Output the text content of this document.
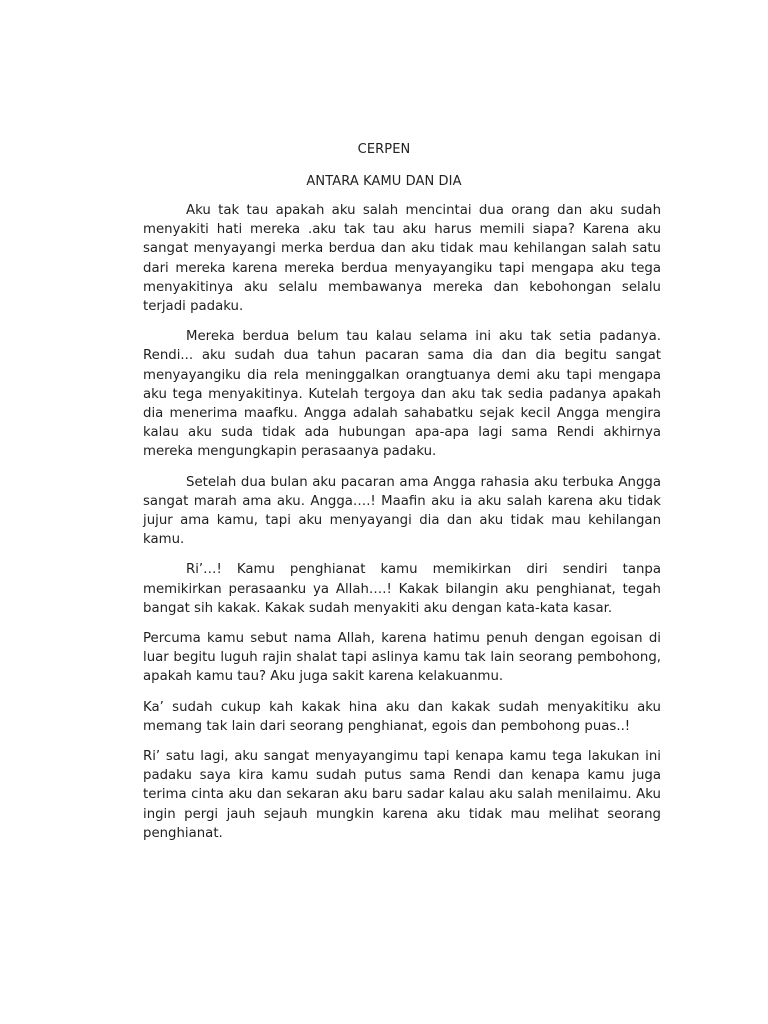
CERPEN
ANTARA KAMU DAN DIA

Aku tak tau apakah aku salah mencintai dua orang dan aku sudah menyakiti hati mereka .aku tak tau aku harus memili siapa? Karena aku sangat menyayangi merka berdua dan aku tidak mau kehilangan salah satu dari mereka karena mereka berdua menyayangiku tapi mengapa aku tega menyakitinya aku selalu membawanya mereka dan kebohongan selalu terjadi padaku.

Mereka berdua belum tau kalau selama ini aku tak setia padanya. Rendi... aku sudah dua tahun pacaran sama dia dan dia begitu sangat menyayangiku dia rela meninggalkan orangtuanya demi aku tapi mengapa aku tega menyakitinya. Kutelah tergoya dan aku tak sedia padanya apakah dia menerima maafku. Angga adalah sahabatku sejak kecil Angga mengira kalau aku suda tidak ada hubungan apa-apa lagi sama Rendi akhirnya mereka mengungkapin perasaanya padaku.

Setelah dua bulan aku pacaran ama Angga rahasia aku terbuka Angga sangat marah ama aku. Angga….! Maafin aku ia aku salah karena aku tidak jujur ama kamu, tapi aku menyayangi dia dan aku tidak mau kehilangan kamu.

Ri’…! Kamu penghianat kamu memikirkan diri sendiri tanpa memikirkan perasaanku ya Allah….! Kakak bilangin aku penghianat, tegah bangat sih kakak. Kakak sudah menyakiti aku dengan kata-kata kasar.

Percuma kamu sebut nama Allah, karena hatimu penuh dengan egoisan di luar begitu luguh rajin shalat tapi aslinya kamu tak lain seorang pembohong, apakah kamu tau? Aku juga sakit karena kelakuanmu.

Ka’ sudah cukup kah kakak hina aku dan kakak sudah menyakitiku aku memang tak lain dari seorang penghianat, egois dan pembohong puas..!

Ri’ satu lagi, aku sangat menyayangimu tapi kenapa kamu tega lakukan ini padaku saya kira kamu sudah putus sama Rendi dan kenapa kamu juga terima cinta aku dan sekaran aku baru sadar kalau aku salah menilaimu. Aku ingin pergi jauh sejauh mungkin karena aku tidak mau melihat seorang penghianat.
